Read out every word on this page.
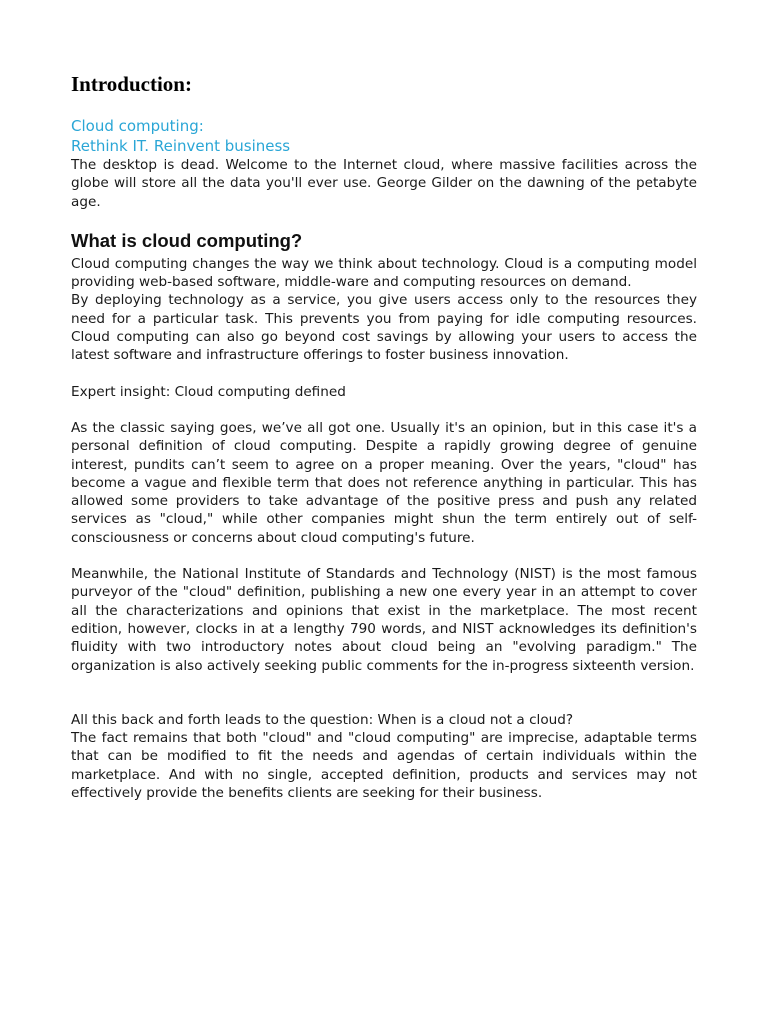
Introduction:

Cloud computing:

Rethink IT. Reinvent business

The desktop is dead. Welcome to the Internet cloud, where massive facilities across the globe will store all the data you'll ever use. George Gilder on the dawning of the petabyte age.

What is cloud computing?

Cloud computing changes the way we think about technology. Cloud is a computing model providing web-based software, middle-ware and computing resources on demand.

By deploying technology as a service, you give users access only to the resources they need for a particular task. This prevents you from paying for idle computing resources. Cloud computing can also go beyond cost savings by allowing your users to access the latest software and infrastructure offerings to foster business innovation.

Expert insight: Cloud computing defined

As the classic saying goes, we’ve all got one. Usually it's an opinion, but in this case it's a personal definition of cloud computing. Despite a rapidly growing degree of genuine interest, pundits can’t seem to agree on a proper meaning. Over the years, "cloud" has become a vague and flexible term that does not reference anything in particular. This has allowed some providers to take advantage of the positive press and push any related services as "cloud," while other companies might shun the term entirely out of self-consciousness or concerns about cloud computing's future.

Meanwhile, the National Institute of Standards and Technology (NIST) is the most famous purveyor of the "cloud" definition, publishing a new one every year in an attempt to cover all the characterizations and opinions that exist in the marketplace. The most recent edition, however, clocks in at a lengthy 790 words, and NIST acknowledges its definition's fluidity with two introductory notes about cloud being an "evolving paradigm." The organization is also actively seeking public comments for the in-progress sixteenth version.

All this back and forth leads to the question: When is a cloud not a cloud?

The fact remains that both "cloud" and "cloud computing" are imprecise, adaptable terms that can be modified to fit the needs and agendas of certain individuals within the marketplace. And with no single, accepted definition, products and services may not effectively provide the benefits clients are seeking for their business.
